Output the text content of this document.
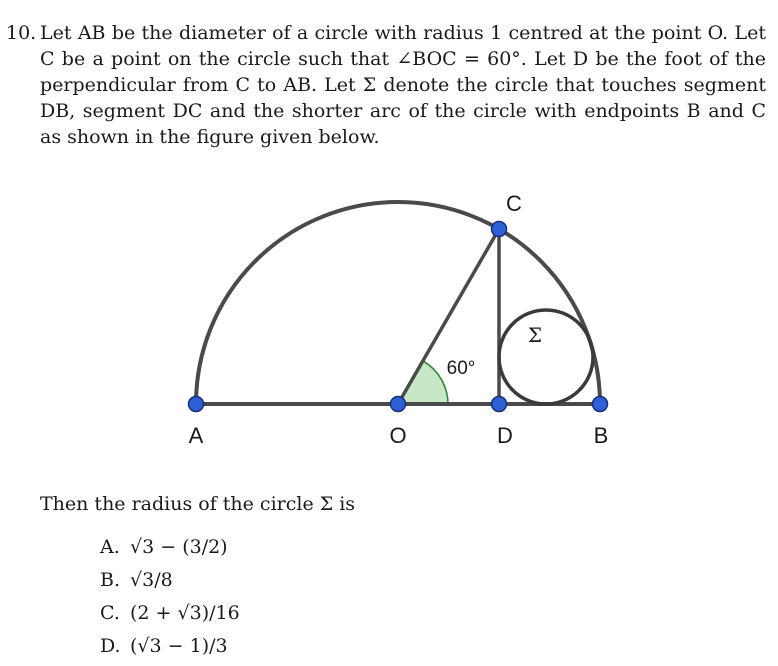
10. Let AB be the diameter of a circle with radius 1 centred at the point O. Let C be a point on the circle such that ∠BOC = 60°. Let D be the foot of the perpendicular from C to AB. Let Σ denote the circle that touches segment DB, segment DC and the shorter arc of the circle with endpoints B and C as shown in the figure given below.
A	O	D	B
C
60°
Σ
Then the radius of the circle Σ is
A. √3 − (3/2)
B. √3/8
C. (2 + √3)/16
D. (√3 − 1)/3
